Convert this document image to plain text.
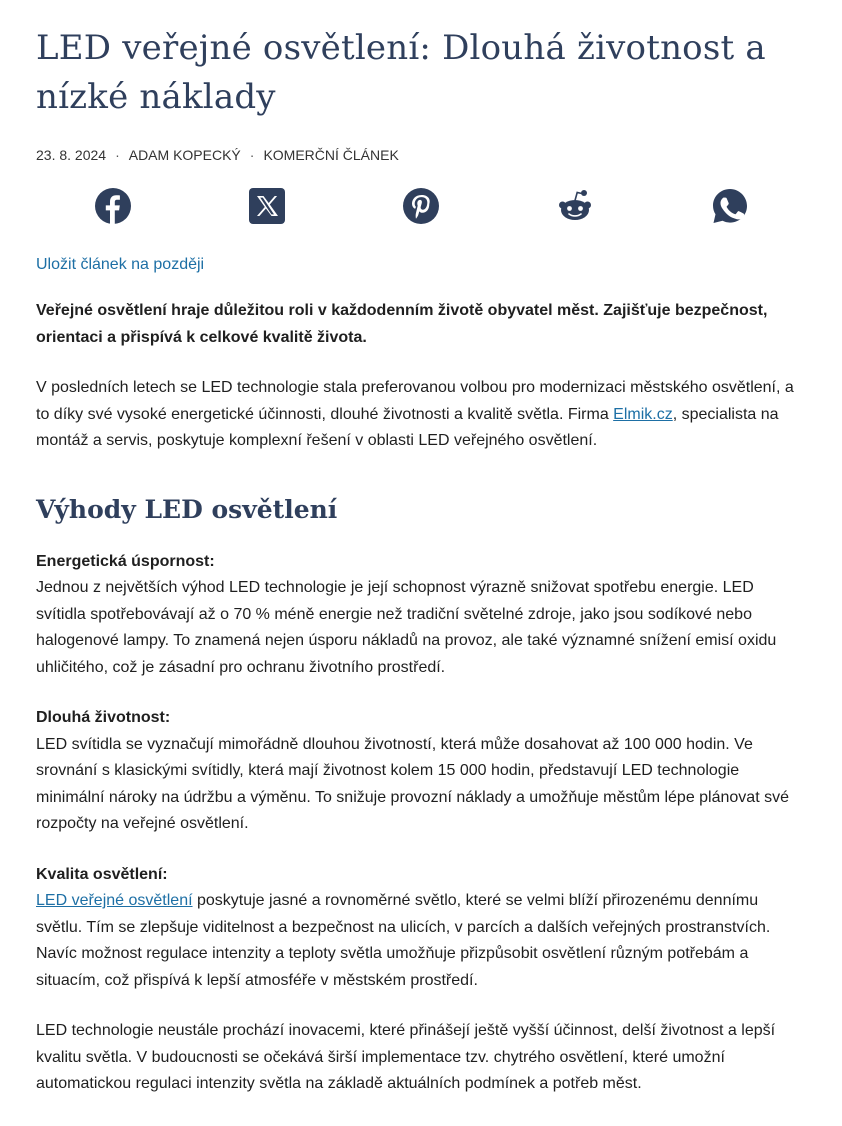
LED veřejné osvětlení: Dlouhá životnost a nízké náklady
23. 8. 2024 · ADAM KOPECKÝ · KOMERČNÍ ČLÁNEK
Uložit článek na později

Veřejné osvětlení hraje důležitou roli v každodenním životě obyvatel měst. Zajišťuje bezpečnost, orientaci a přispívá k celkové kvalitě života.

V posledních letech se LED technologie stala preferovanou volbou pro modernizaci městského osvětlení, a to díky své vysoké energetické účinnosti, dlouhé životnosti a kvalitě světla. Firma Elmik.cz, specialista na montáž a servis, poskytuje komplexní řešení v oblasti LED veřejného osvětlení.

Výhody LED osvětlení

Energetická úspornost:

Jednou z největších výhod LED technologie je její schopnost výrazně snižovat spotřebu energie. LED svítidla spotřebovávají až o 70 % méně energie než tradiční světelné zdroje, jako jsou sodíkové nebo halogenové lampy. To znamená nejen úsporu nákladů na provoz, ale také významné snížení emisí oxidu uhličitého, což je zásadní pro ochranu životního prostředí.

Dlouhá životnost:

LED svítidla se vyznačují mimořádně dlouhou životností, která může dosahovat až 100 000 hodin. Ve srovnání s klasickými svítidly, která mají životnost kolem 15 000 hodin, představují LED technologie minimální nároky na údržbu a výměnu. To snižuje provozní náklady a umožňuje městům lépe plánovat své rozpočty na veřejné osvětlení.

Kvalita osvětlení:

LED veřejné osvětlení poskytuje jasné a rovnoměrné světlo, které se velmi blíží přirozenému dennímu světlu. Tím se zlepšuje viditelnost a bezpečnost na ulicích, v parcích a dalších veřejných prostranstvích. Navíc možnost regulace intenzity a teploty světla umožňuje přizpůsobit osvětlení různým potřebám a situacím, což přispívá k lepší atmosféře v městském prostředí.

LED technologie neustále prochází inovacemi, které přinášejí ještě vyšší účinnost, delší životnost a lepší kvalitu světla. V budoucnosti se očekává širší implementace tzv. chytrého osvětlení, které umožní automatickou regulaci intenzity světla na základě aktuálních podmínek a potřeb měst.
